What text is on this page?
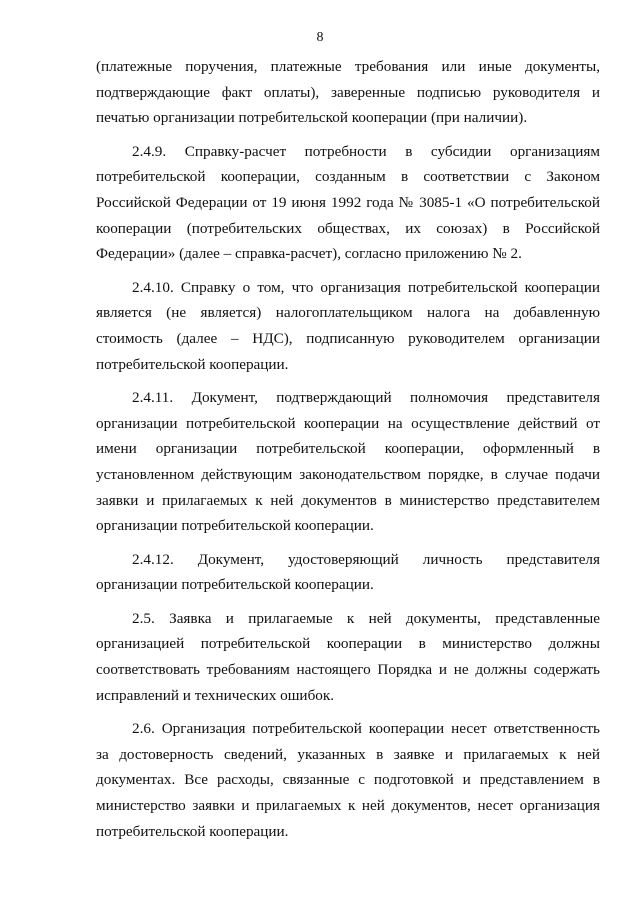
8

(платежные поручения, платежные требования или иные документы, подтверждающие факт оплаты), заверенные подписью руководителя и печатью организации потребительской кооперации (при наличии).

2.4.9. Справку-расчет потребности в субсидии организациям потребительской кооперации, созданным в соответствии с Законом Российской Федерации от 19 июня 1992 года № 3085-1 «О потребительской кооперации (потребительских обществах, их союзах) в Российской Федерации» (далее – справка-расчет), согласно приложению № 2.

2.4.10. Справку о том, что организация потребительской кооперации является (не является) налогоплательщиком налога на добавленную стоимость (далее – НДС), подписанную руководителем организации потребительской кооперации.

2.4.11. Документ, подтверждающий полномочия представителя организации потребительской кооперации на осуществление действий от имени организации потребительской кооперации, оформленный в установленном действующим законодательством порядке, в случае подачи заявки и прилагаемых к ней документов в министерство представителем организации потребительской кооперации.

2.4.12. Документ, удостоверяющий личность представителя организации потребительской кооперации.

2.5. Заявка и прилагаемые к ней документы, представленные организацией потребительской кооперации в министерство должны соответствовать требованиям настоящего Порядка и не должны содержать исправлений и технических ошибок.

2.6. Организация потребительской кооперации несет ответственность за достоверность сведений, указанных в заявке и прилагаемых к ней документах. Все расходы, связанные с подготовкой и представлением в министерство заявки и прилагаемых к ней документов, несет организация потребительской кооперации.
